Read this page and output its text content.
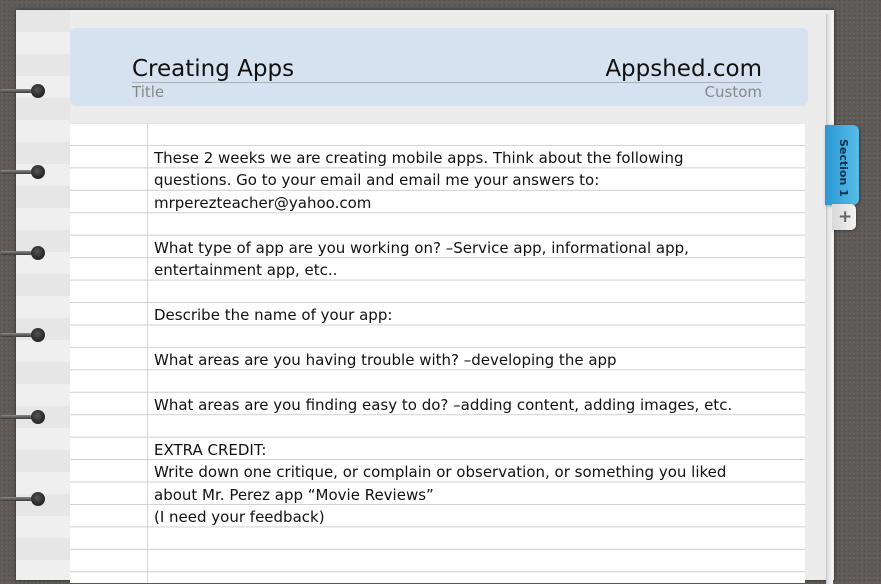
Creating Apps	Appshed.com
Title	Custom

These 2 weeks we are creating mobile apps. Think about the following

questions. Go to your email and email me your answers to:

mrperezteacher@yahoo.com

What type of app are you working on? –Service app, informational app,

entertainment app, etc..

Describe the name of your app:

What areas are you having trouble with? –developing the app

What areas are you finding easy to do? –adding content, adding images, etc.

EXTRA CREDIT:

Write down one critique, or complain or observation, or something you liked

about Mr. Perez app “Movie Reviews”

(I need your feedback)

Section 1
+
